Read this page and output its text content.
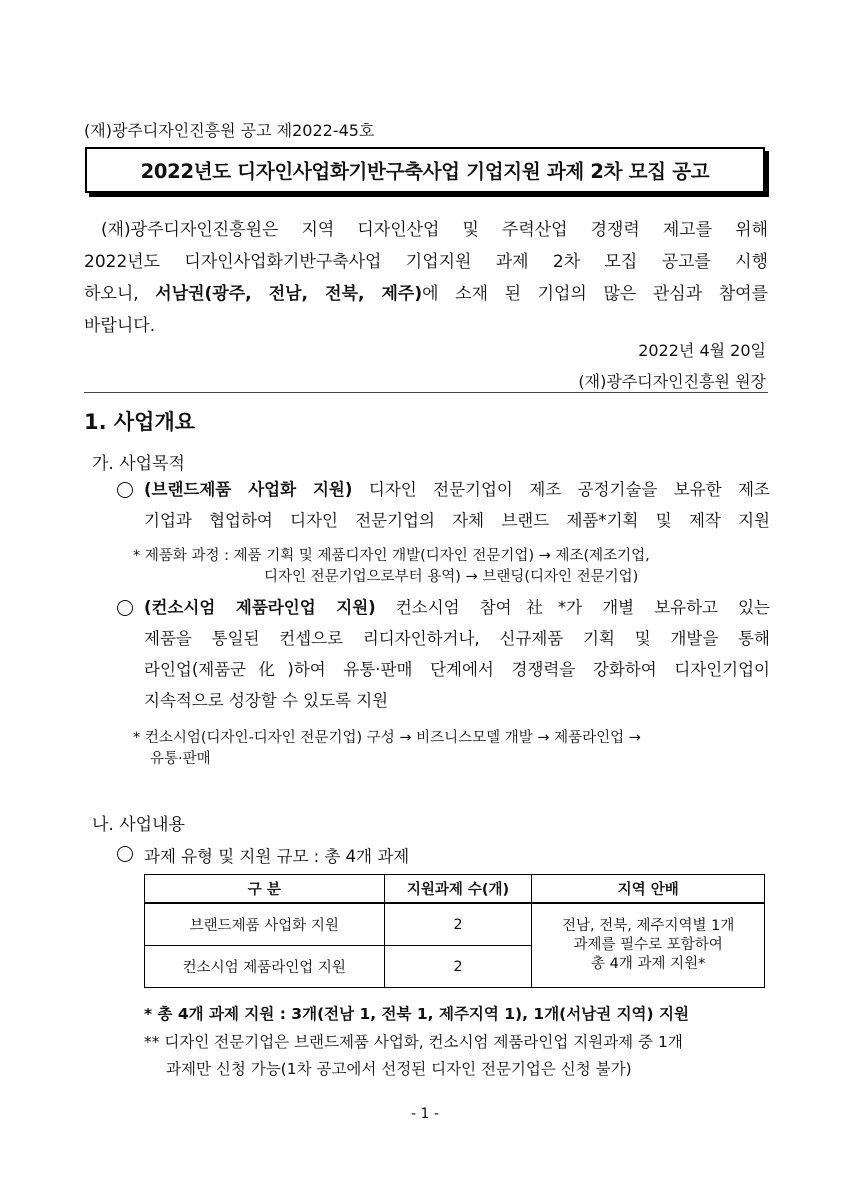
(재)광주디자인진흥원 공고 제2022-45호
2022년도 디자인사업화기반구축사업 기업지원 과제 2차 모집 공고

(재)광주디자인진흥원은 지역 디자인산업 및 주력산업 경쟁력 제고를 위해

2022년도 디자인사업화기반구축사업 기업지원 과제 2차 모집 공고를 시행

하오니, 서남권(광주, 전남, 전북, 제주)에 소재 된 기업의 많은 관심과 참여를

바랍니다.

2022년 4월 20일
(재)광주디자인진흥원 원장
1. 사업개요
가. 사업목적

(브랜드제품 사업화 지원) 디자인 전문기업이 제조 공정기술을 보유한 제조

기업과 협업하여 디자인 전문기업의 자체 브랜드 제품*기획 및 제작 지원

* 제품화 과정 : 제품 기획 및 제품디자인 개발(디자인 전문기업) → 제조(제조기업,
디자인 전문기업으로부터 용역) → 브랜딩(디자인 전문기업)

(컨소시엄 제품라인업 지원) 컨소시엄 참여社*가 개별 보유하고 있는

제품을 통일된 컨셉으로 리디자인하거나, 신규제품 기획 및 개발을 통해

라인업(제품군化)하여 유통·판매 단계에서 경쟁력을 강화하여 디자인기업이

지속적으로 성장할 수 있도록 지원

* 컨소시엄(디자인-디자인 전문기업) 구성 → 비즈니스모델 개발 → 제품라인업 →
유통·판매
나. 사업내용
과제 유형 및 지원 규모 : 총 4개 과제
구 분	지원과제 수(개)	지역 안배
브랜드제품 사업화 지원	2	전남, 전북, 제주지역별 1개
과제를 필수로 포함하여
총 4개 과제 지원*

컨소시엄 제품라인업 지원	2	
* 총 4개 과제 지원 : 3개(전남 1, 전북 1, 제주지역 1), 1개(서남권 지역) 지원
** 디자인 전문기업은 브랜드제품 사업화, 컨소시엄 제품라인업 지원과제 중 1개
과제만 신청 가능(1차 공고에서 선정된 디자인 전문기업은 신청 불가)
- 1 -
